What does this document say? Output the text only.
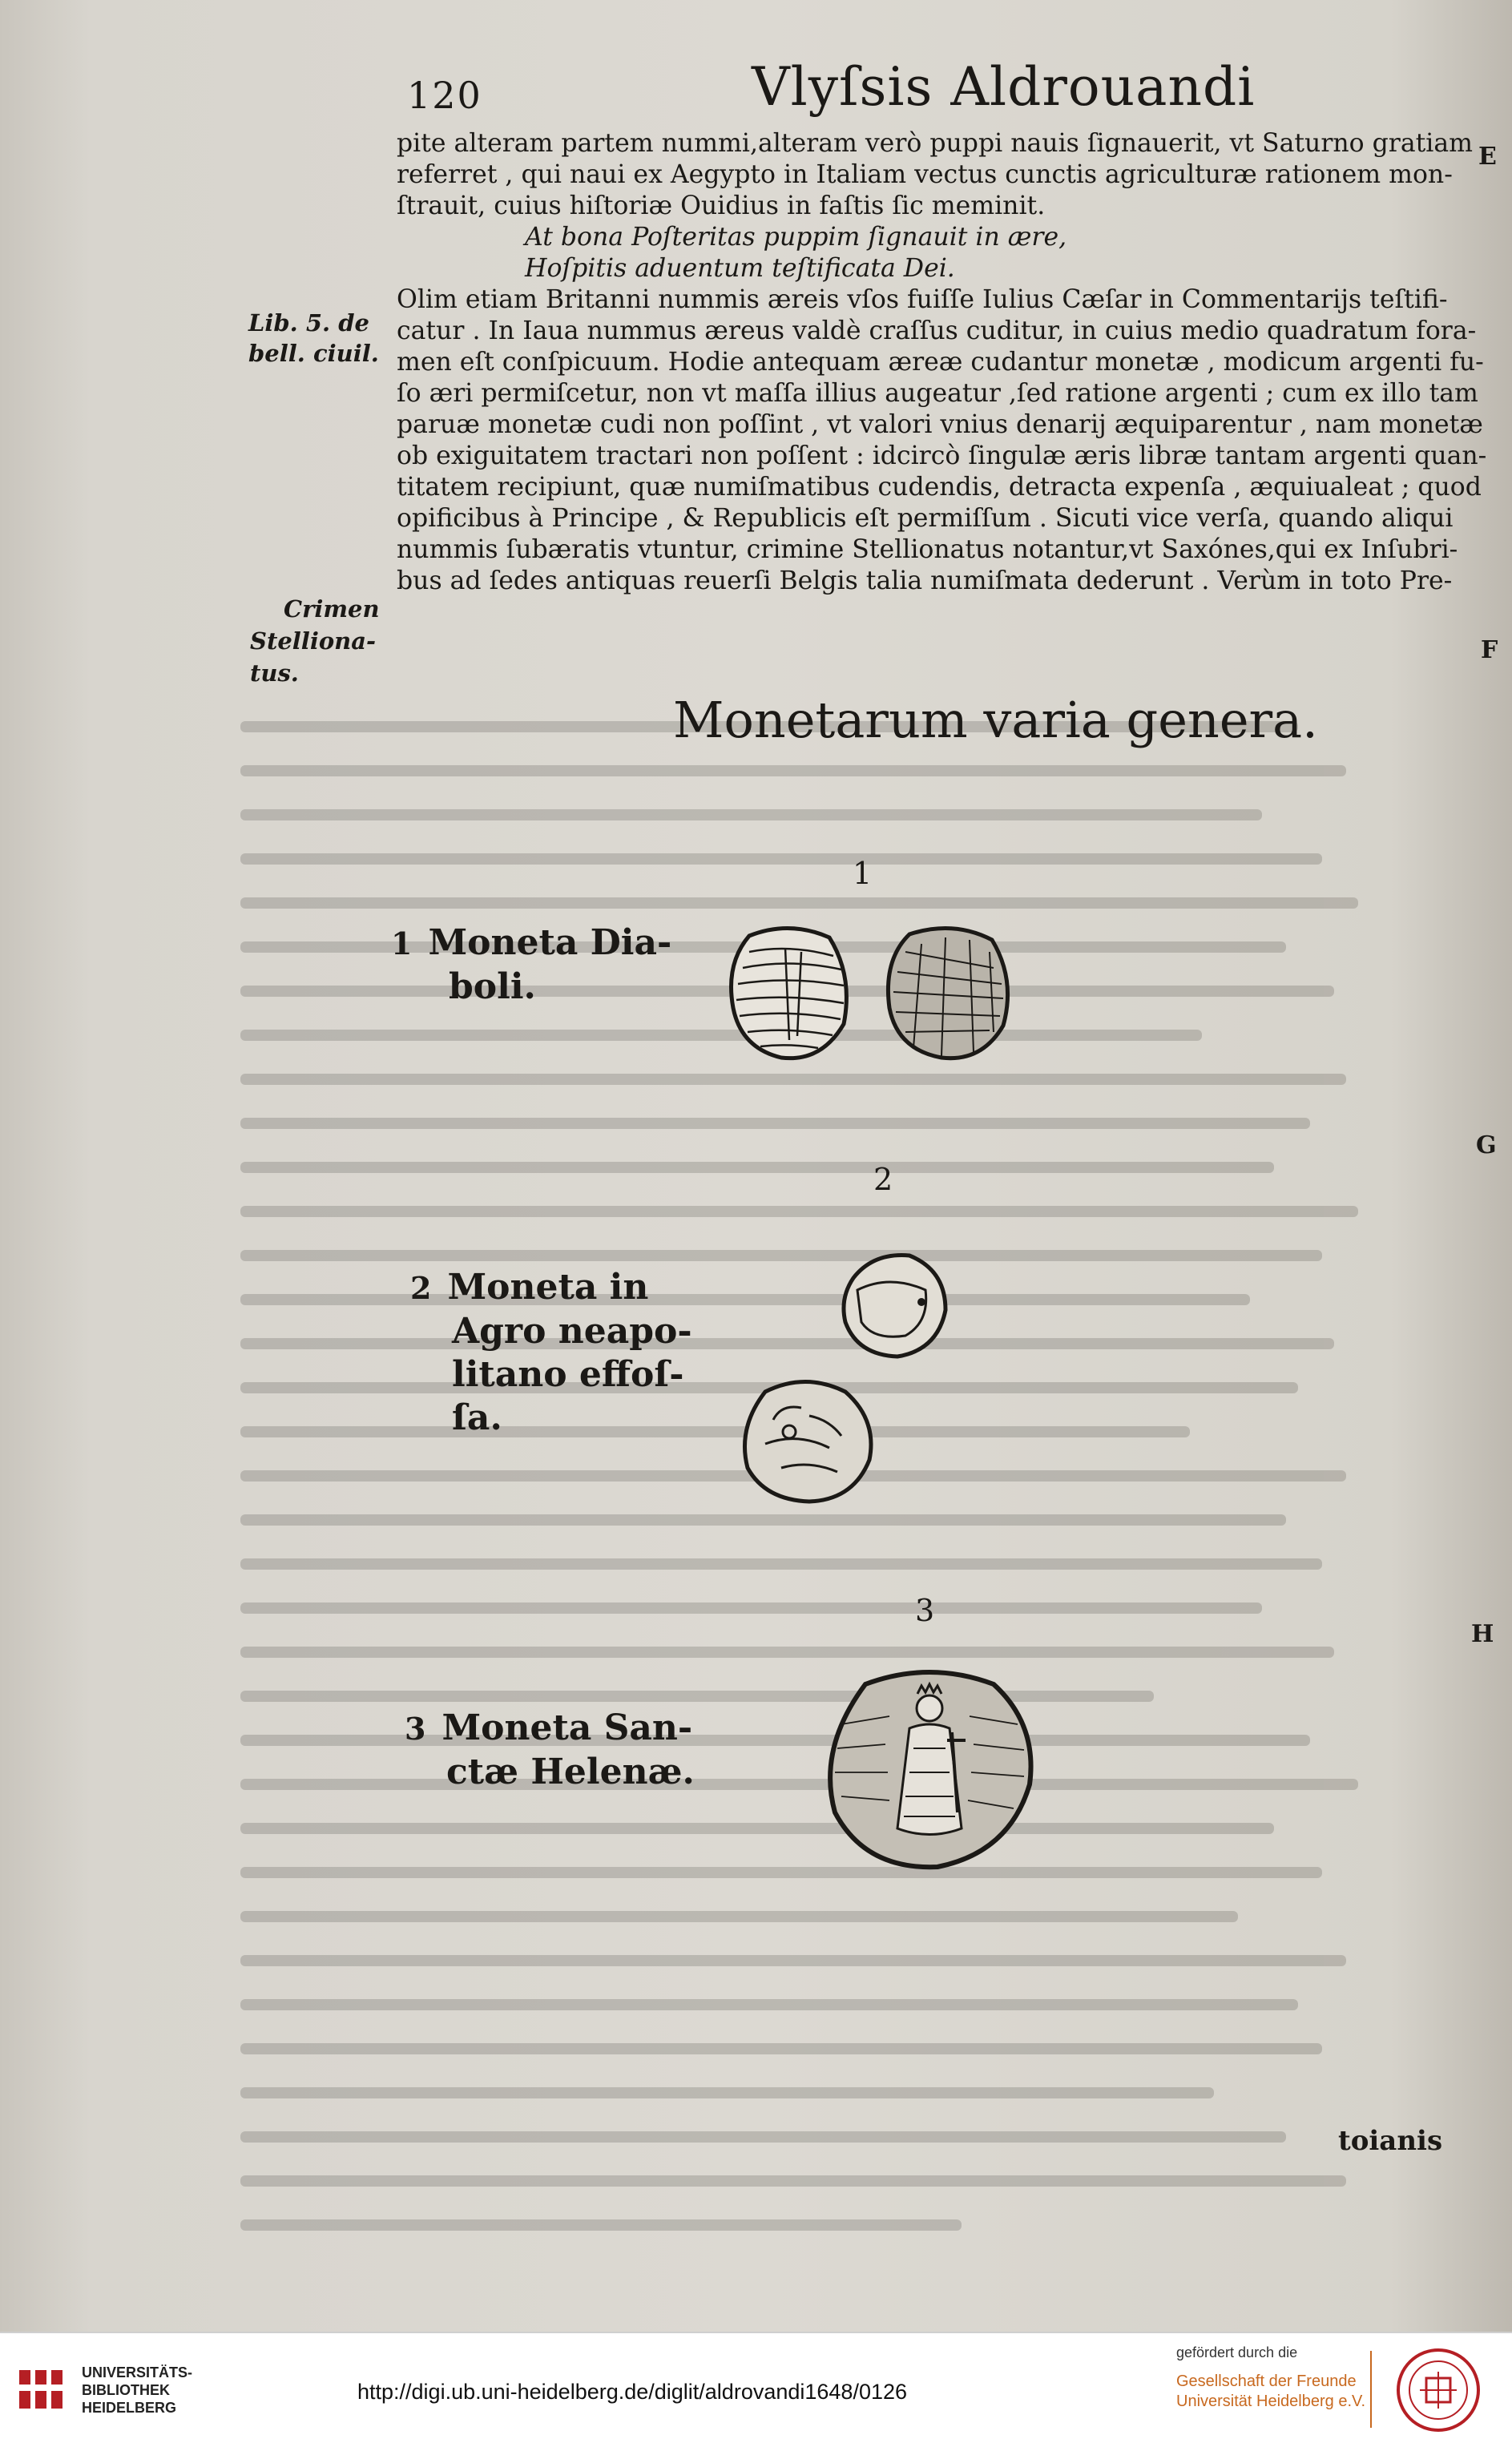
120	Vlyſsis Aldrouandi
pite alteram partem nummi,alteram verò puppi nauis ſignauerit, vt Saturno gratiam
referret , qui naui ex Aegypto in Italiam vectus cunctis agriculturæ rationem mon-
ſtrauit, cuius hiſtoriæ Ouidius in faſtis ſic meminit.
At bona Poſteritas puppim ſignauit in ære,
Hoſpitis aduentum teſtificata Dei.
Olim etiam Britanni nummis æreis vſos fuiſſe Iulius Cæſar in Commentarijs teſtifi-
catur . In Iaua nummus æreus valdè craſſus cuditur, in cuius medio quadratum fora-
men eſt conſpicuum. Hodie antequam æreæ cudantur monetæ , modicum argenti fu-
ſo æri permiſcetur, non vt maſſa illius augeatur ,ſed ratione argenti ; cum ex illo tam
paruæ monetæ cudi non poſſint , vt valori vnius denarij æquiparentur , nam monetæ
ob exiguitatem tractari non poſſent : idcircò ſingulæ æris libræ tantam argenti quan-
titatem recipiunt, quæ numiſmatibus cudendis, detracta expenſa , æquiualeat ; quod
opificibus à Principe , & Republicis eſt permiſſum . Sicuti vice verſa, quando aliqui
nummis ſubæratis vtuntur, crimine Stellionatus notantur,vt Saxónes,qui ex Inſubri-
bus ad ſedes antiquas reuerſi Belgis talia numiſmata dederunt . Verùm in toto Pre-
Lib. 5. de
bell. ciuil.
Crimen
Stelliona-
tus.
E
F
G
H
Monetarum varia genera.
1
1 Moneta Dia-
boli.
2
2 Moneta in
Agro neapo-
litano effoſ-
ſa.
3
3 Moneta San-
ctæ Helenæ.
toianis
UNIVERSITÄTS-
BIBLIOTHEK
HEIDELBERG
http://digi.ub.uni-heidelberg.de/diglit/aldrovandi1648/0126
gefördert durch die
Gesellschaft der Freunde
Universität Heidelberg e.V.
